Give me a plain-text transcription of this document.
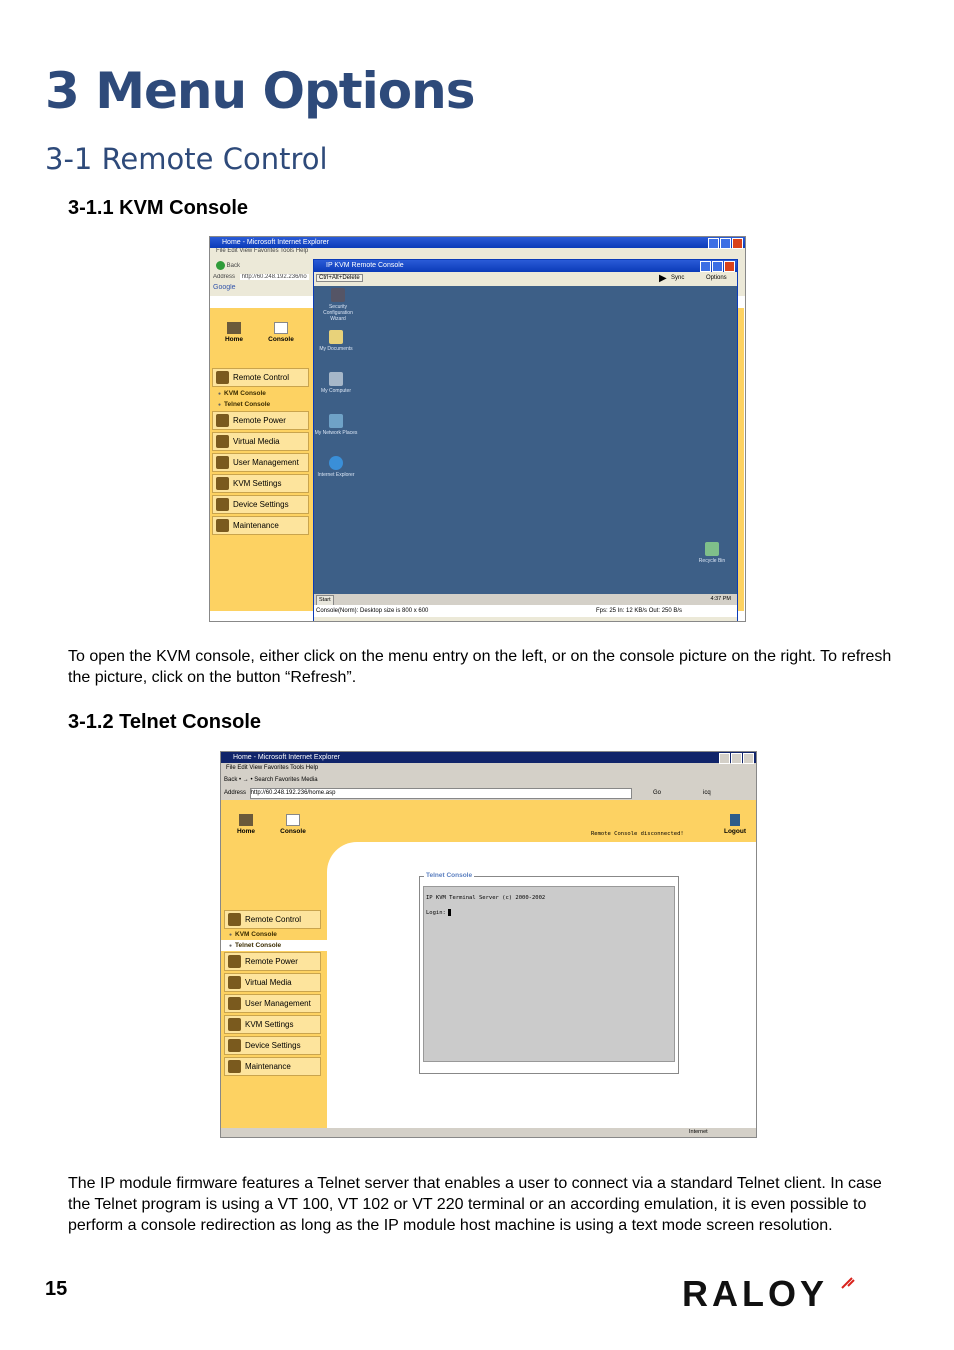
3 Menu Options
3-1 Remote Control
3-1.1 KVM Console
Home - Microsoft Internet Explorer
File Edit View Favorites Tools Help
Back
Address http://60.248.192.236/ho
Google
Home	Console
Remote Control
● KVM Console
● Telnet Console
Remote Power
Virtual Media
User Management
KVM Settings
Device Settings
Maintenance
IP KVM Remote Console
Ctrl+Alt+Delete	▶ Sync	Options
Security Configuration Wizard
My Documents
My Computer
My Network Places
Internet Explorer
Recycle Bin
Start	4:37 PM
Console(Norm): Desktop size is 800 x 600	Fps: 25 In: 12 KB/s Out: 250 B/s
To open the KVM console, either click on the menu entry on the left, or on the console picture on the right. To refresh the picture, click on the button “Refresh”.
3-1.2 Telnet Console
Home - Microsoft Internet Explorer
File Edit View Favorites Tools Help
Back • → • Search Favorites Media
Address http://60.248.192.236/home.asp	Go	icq
Home	Console	Remote Console disconnected!	Logout
Remote Control
● KVM Console
● Telnet Console
Remote Power
Virtual Media
User Management
KVM Settings
Device Settings
Maintenance
Telnet Console
IP KVM Terminal Server (c) 2000-2002
Login:
Internet
The IP module firmware features a Telnet server that enables a user to connect via a standard Telnet client. In case the Telnet program is using a VT 100, VT 102 or VT 220 terminal or an according emulation, it is even possible to perform a console redirection as long as the IP module host machine is using a text mode screen resolution.
15	RALOY
